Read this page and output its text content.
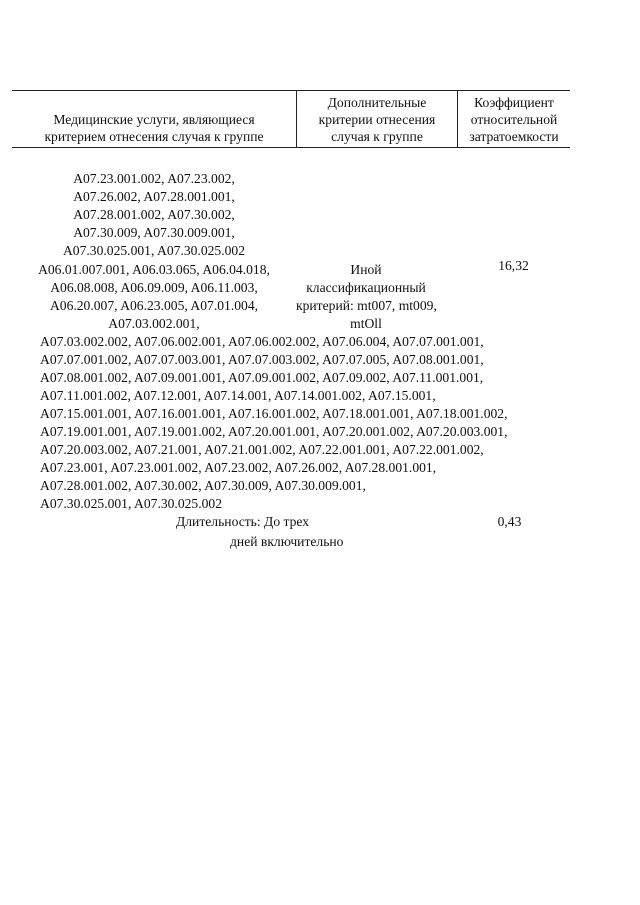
Медицинские услуги, являющиеся
критерием отнесения случая к группе
Дополнительные
критерии отнесения
случая к группе
Коэффициент
относительной
затратоемкости
A07.23.001.002, A07.23.002,
A07.26.002, A07.28.001.001,
A07.28.001.002, A07.30.002,
A07.30.009, A07.30.009.001,
A07.30.025.001, A07.30.025.002
A06.01.007.001, A06.03.065, A06.04.018,
A06.08.008, A06.09.009, A06.11.003,
A06.20.007, A06.23.005, A07.01.004,
A07.03.002.001,
Иной
классификационный
критерий: mt007, mt009,
mtOll
16,32
A07.03.002.002, A07.06.002.001, A07.06.002.002, A07.06.004, A07.07.001.001,
A07.07.001.002, A07.07.003.001, A07.07.003.002, A07.07.005, A07.08.001.001,
A07.08.001.002, A07.09.001.001, A07.09.001.002, A07.09.002, A07.11.001.001,
A07.11.001.002, A07.12.001, A07.14.001, A07.14.001.002, A07.15.001,
A07.15.001.001, A07.16.001.001, A07.16.001.002, A07.18.001.001, A07.18.001.002,
A07.19.001.001, A07.19.001.002, A07.20.001.001, A07.20.001.002, A07.20.003.001,
A07.20.003.002, A07.21.001, A07.21.001.002, A07.22.001.001, A07.22.001.002,
A07.23.001, A07.23.001.002, A07.23.002, A07.26.002, A07.28.001.001,
A07.28.001.002, A07.30.002, A07.30.009, A07.30.009.001,
A07.30.025.001, A07.30.025.002
Длительность: До трех
дней включительно
0,43
